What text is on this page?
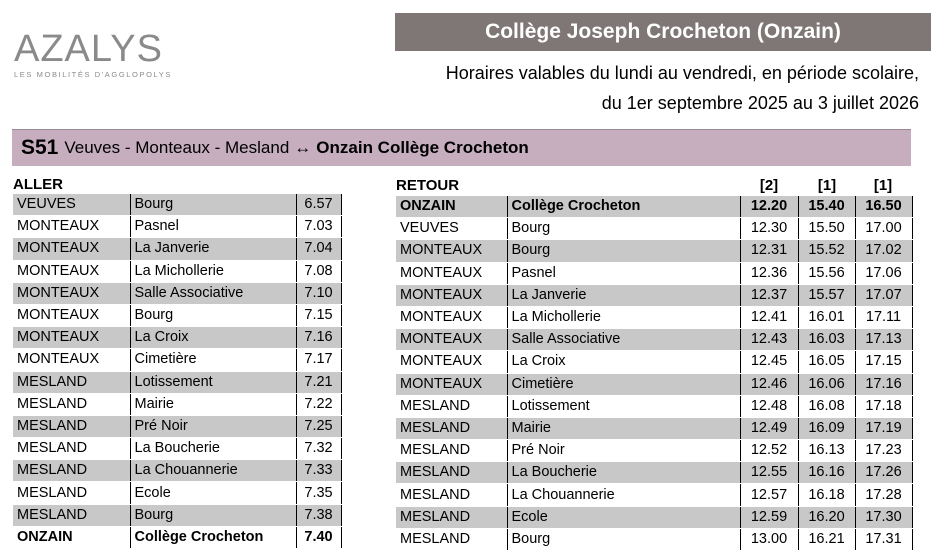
AZALYS
LES MOBILITÉS D'AGGLOPOLYS
Collège Joseph Crocheton (Onzain)
Horaires valables du lundi au vendredi, en période scolaire,
du 1er septembre 2025 au 3 juillet 2026
S51 Veuves - Monteaux - Mesland ↔ Onzain Collège Crocheton
ALLER	RETOUR	[2]	[1]	[1]
VEUVES	Bourg	6.57
MONTEAUX	Pasnel	7.03
MONTEAUX	La Janverie	7.04
MONTEAUX	La Michollerie	7.08
MONTEAUX	Salle Associative	7.10
MONTEAUX	Bourg	7.15
MONTEAUX	La Croix	7.16
MONTEAUX	Cimetière	7.17
MESLAND	Lotissement	7.21
MESLAND	Mairie	7.22
MESLAND	Pré Noir	7.25
MESLAND	La Boucherie	7.32
MESLAND	La Chouannerie	7.33
MESLAND	Ecole	7.35
MESLAND	Bourg	7.38
ONZAIN	Collège Crocheton	7.40
ONZAIN	Collège Crocheton	12.20	15.40	16.50
VEUVES	Bourg	12.30	15.50	17.00
MONTEAUX	Bourg	12.31	15.52	17.02
MONTEAUX	Pasnel	12.36	15.56	17.06
MONTEAUX	La Janverie	12.37	15.57	17.07
MONTEAUX	La Michollerie	12.41	16.01	17.11
MONTEAUX	Salle Associative	12.43	16.03	17.13
MONTEAUX	La Croix	12.45	16.05	17.15
MONTEAUX	Cimetière	12.46	16.06	17.16
MESLAND	Lotissement	12.48	16.08	17.18
MESLAND	Mairie	12.49	16.09	17.19
MESLAND	Pré Noir	12.52	16.13	17.23
MESLAND	La Boucherie	12.55	16.16	17.26
MESLAND	La Chouannerie	12.57	16.18	17.28
MESLAND	Ecole	12.59	16.20	17.30
MESLAND	Bourg	13.00	16.21	17.31
